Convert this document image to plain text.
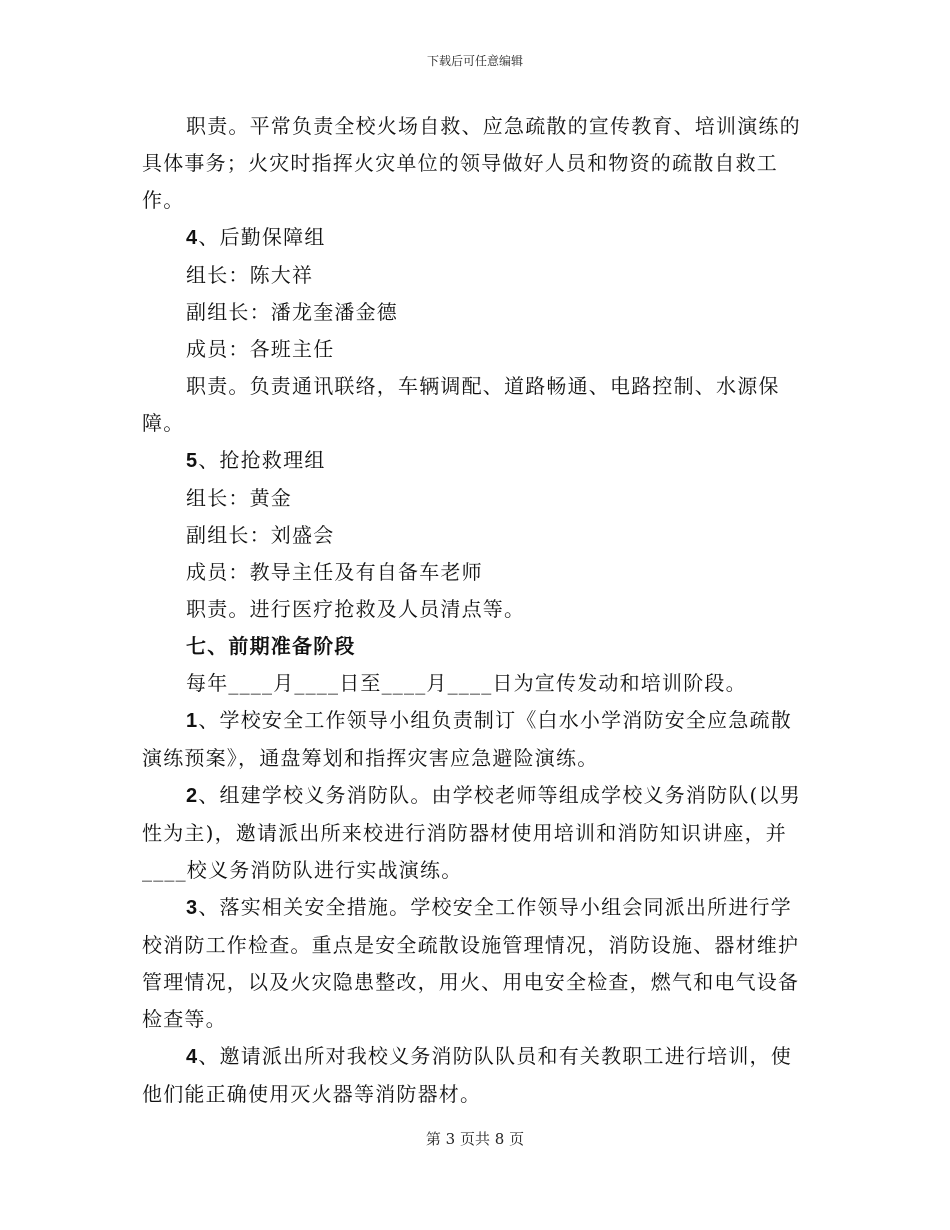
下载后可任意编辑

职责。平常负责全校火场自救、应急疏散的宣传教育、培训演练的具体事务；火灾时指挥火灾单位的领导做好人员和物资的疏散自救工作。

4、后勤保障组

组长：陈大祥

副组长：潘龙奎潘金德

成员：各班主任

职责。负责通讯联络，车辆调配、道路畅通、电路控制、水源保障。

5、抢抢救理组

组长：黄金

副组长：刘盛会

成员：教导主任及有自备车老师

职责。进行医疗抢救及人员清点等。

七、前期准备阶段

每年____月____日至____月____日为宣传发动和培训阶段。

1、学校安全工作领导小组负责制订《白水小学消防安全应急疏散演练预案》，通盘筹划和指挥灾害应急避险演练。

2、组建学校义务消防队。由学校老师等组成学校义务消防队(以男性为主)，邀请派出所来校进行消防器材使用培训和消防知识讲座，并____校义务消防队进行实战演练。

3、落实相关安全措施。学校安全工作领导小组会同派出所进行学校消防工作检查。重点是安全疏散设施管理情况，消防设施、器材维护管理情况，以及火灾隐患整改，用火、用电安全检查，燃气和电气设备检查等。

4、邀请派出所对我校义务消防队队员和有关教职工进行培训，使他们能正确使用灭火器等消防器材。

第 3 页共 8 页
